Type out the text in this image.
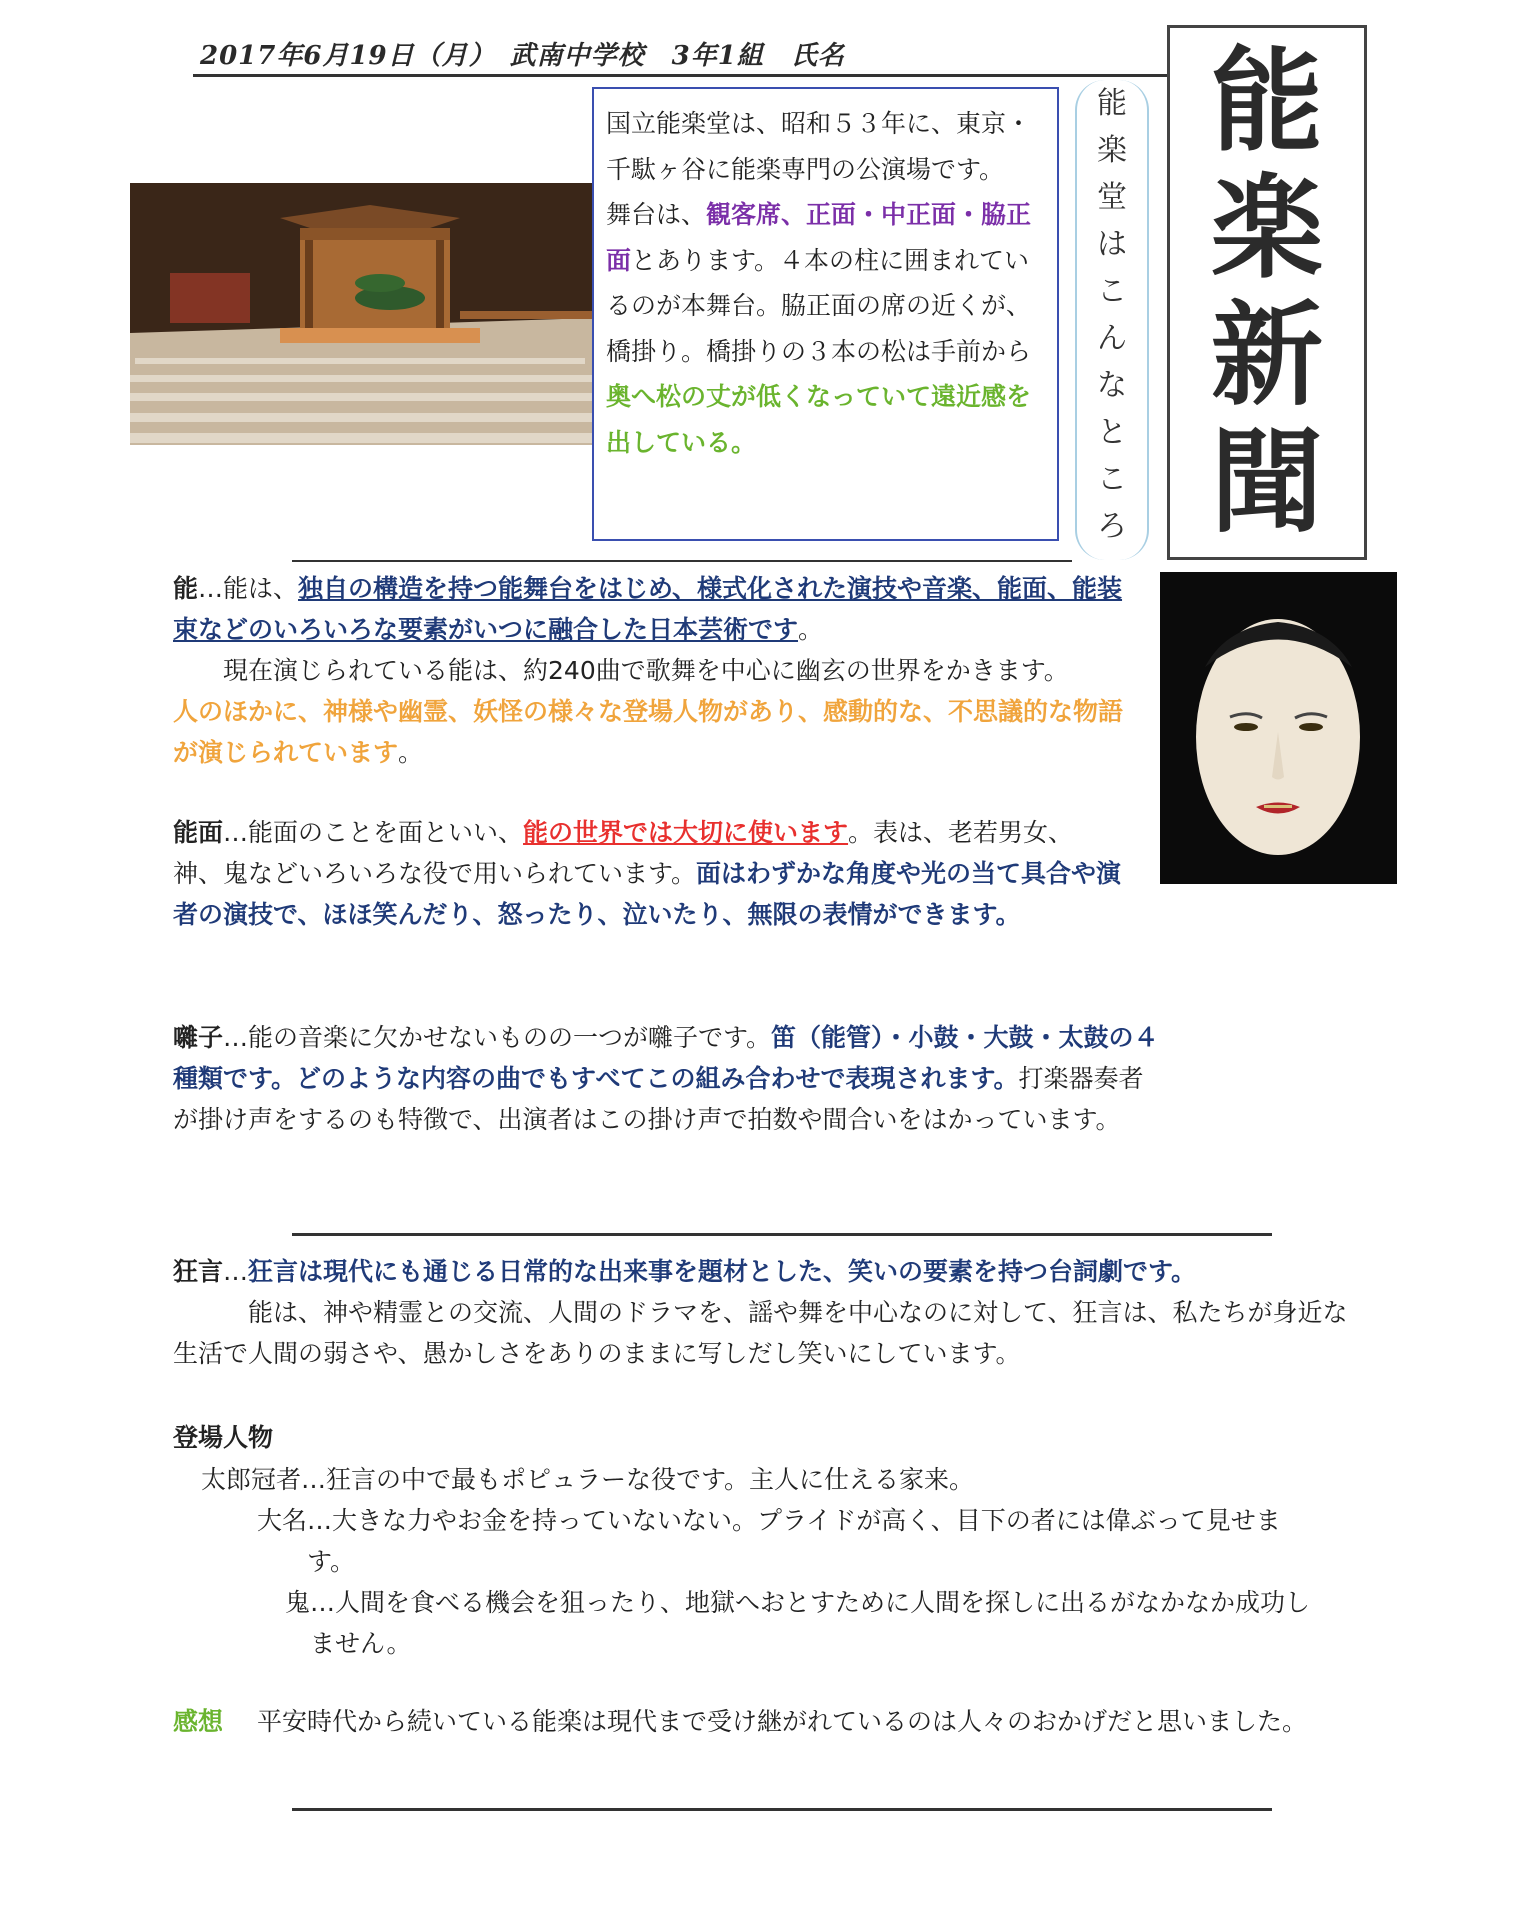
2017年6月19日（月）　武南中学校　3年1組　氏名	能
楽
新
聞
能
楽
堂
は
こ
ん
な
と
こ
ろ
国立能楽堂は、昭和５３年に、東京・千駄ヶ谷に能楽専門の公演場です。
舞台は、観客席、正面・中正面・脇正面とあります。４本の柱に囲まれているのが本舞台。脇正面の席の近くが、橋掛り。橋掛りの３本の松は手前から奥へ松の丈が低くなっていて遠近感を出している。
能…能は、独自の構造を持つ能舞台をはじめ、様式化された演技や音楽、能面、能装束などのいろいろな要素がいつに融合した日本芸術です。
　　現在演じられている能は、約240曲で歌舞を中心に幽玄の世界をかきます。
人のほかに、神様や幽霊、妖怪の様々な登場人物があり、感動的な、不思議的な物語が演じられています。
能面…能面のことを面といい、能の世界では大切に使います。表は、老若男女、神、鬼などいろいろな役で用いられています。面はわずかな角度や光の当て具合や演者の演技で、ほほ笑んだり、怒ったり、泣いたり、無限の表情ができます。
囃子…能の音楽に欠かせないものの一つが囃子です。笛（能管）・小鼓・大鼓・太鼓の４種類です。どのような内容の曲でもすべてこの組み合わせで表現されます。打楽器奏者が掛け声をするのも特徴で、出演者はこの掛け声で拍数や間合いをはかっています。
狂言…狂言は現代にも通じる日常的な出来事を題材とした、笑いの要素を持つ台詞劇です。
　　　能は、神や精霊との交流、人間のドラマを、謡や舞を中心なのに対して、狂言は、私たちが身近な生活で人間の弱さや、愚かしさをありのままに写しだし笑いにしています。
登場人物
太郎冠者…狂言の中で最もポピュラーな役です。主人に仕える家来。
大名…大きな力やお金を持っていないない。プライドが高く、目下の者には偉ぶって見せます。
鬼…人間を食べる機会を狙ったり、地獄へおとすために人間を探しに出るがなかなか成功しません。
感想 平安時代から続いている能楽は現代まで受け継がれているのは人々のおかげだと思いました。
